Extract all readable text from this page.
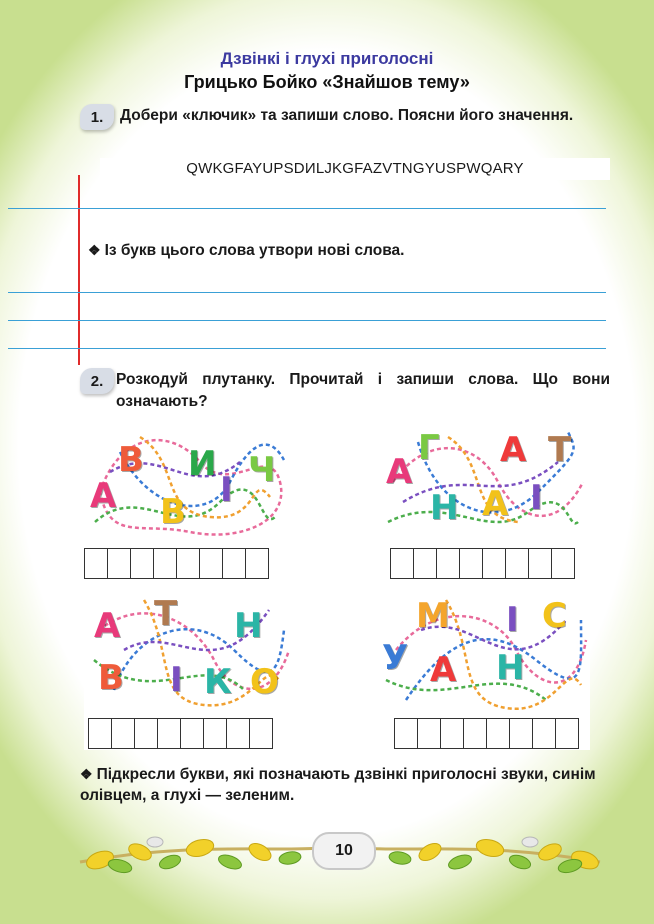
Дзвінкі і глухі приголосні
Грицько Бойко «Знайшов тему»
1.	Добери «ключик» та запиши слово. Поясни його значення.
QWKGFAYUPSDИLJKGFAZVTNGYUSPWQARY
❖ Із букв цього слова утвори нові слова.
2. Розкодуй плутанку. Прочитай і запиши слова. Що вони означають?
В И Ч
А В
І	А
Г А Т
Н А І
А Т Н
В І К О
М І С
У А Н
❖ Підкресли букви, які позначають дзвінкі приголосні звуки, синім олівцем, а глухі — зеленим.
10
